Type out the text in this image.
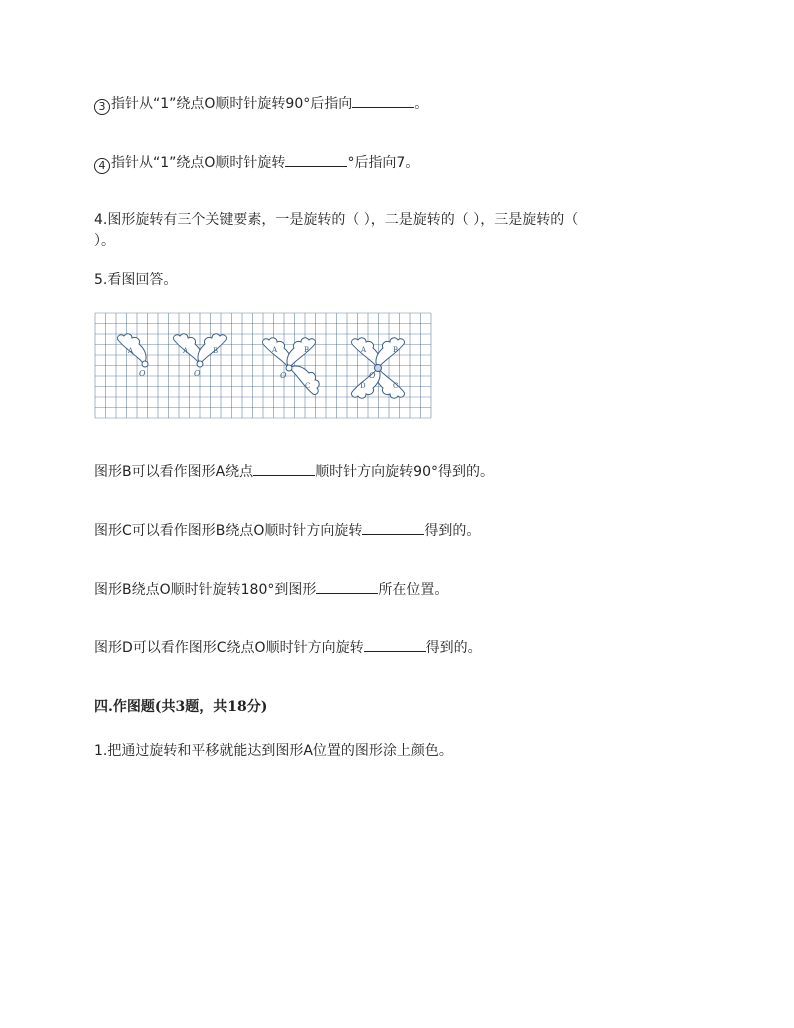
3 指针从“1”绕点O顺时针旋转90°后指向	。
4 指针从“1”绕点O顺时针旋转	°后指向7。
4.图形旋转有三个关键要素，一是旋转的（ ），二是旋转的（ ），三是旋转的（
）。
5.看图回答。
A
O
A	B
O
A	B
C
O
A	B
C
D
O
图形B可以看作图形A绕点	顺时针方向旋转90°得到的。
图形C可以看作图形B绕点O顺时针方向旋转	得到的。
图形B绕点O顺时针旋转180°到图形	所在位置。
图形D可以看作图形C绕点O顺时针方向旋转	得到的。
四.作图题(共3题，共18分)
1.把通过旋转和平移就能达到图形A位置的图形涂上颜色。
